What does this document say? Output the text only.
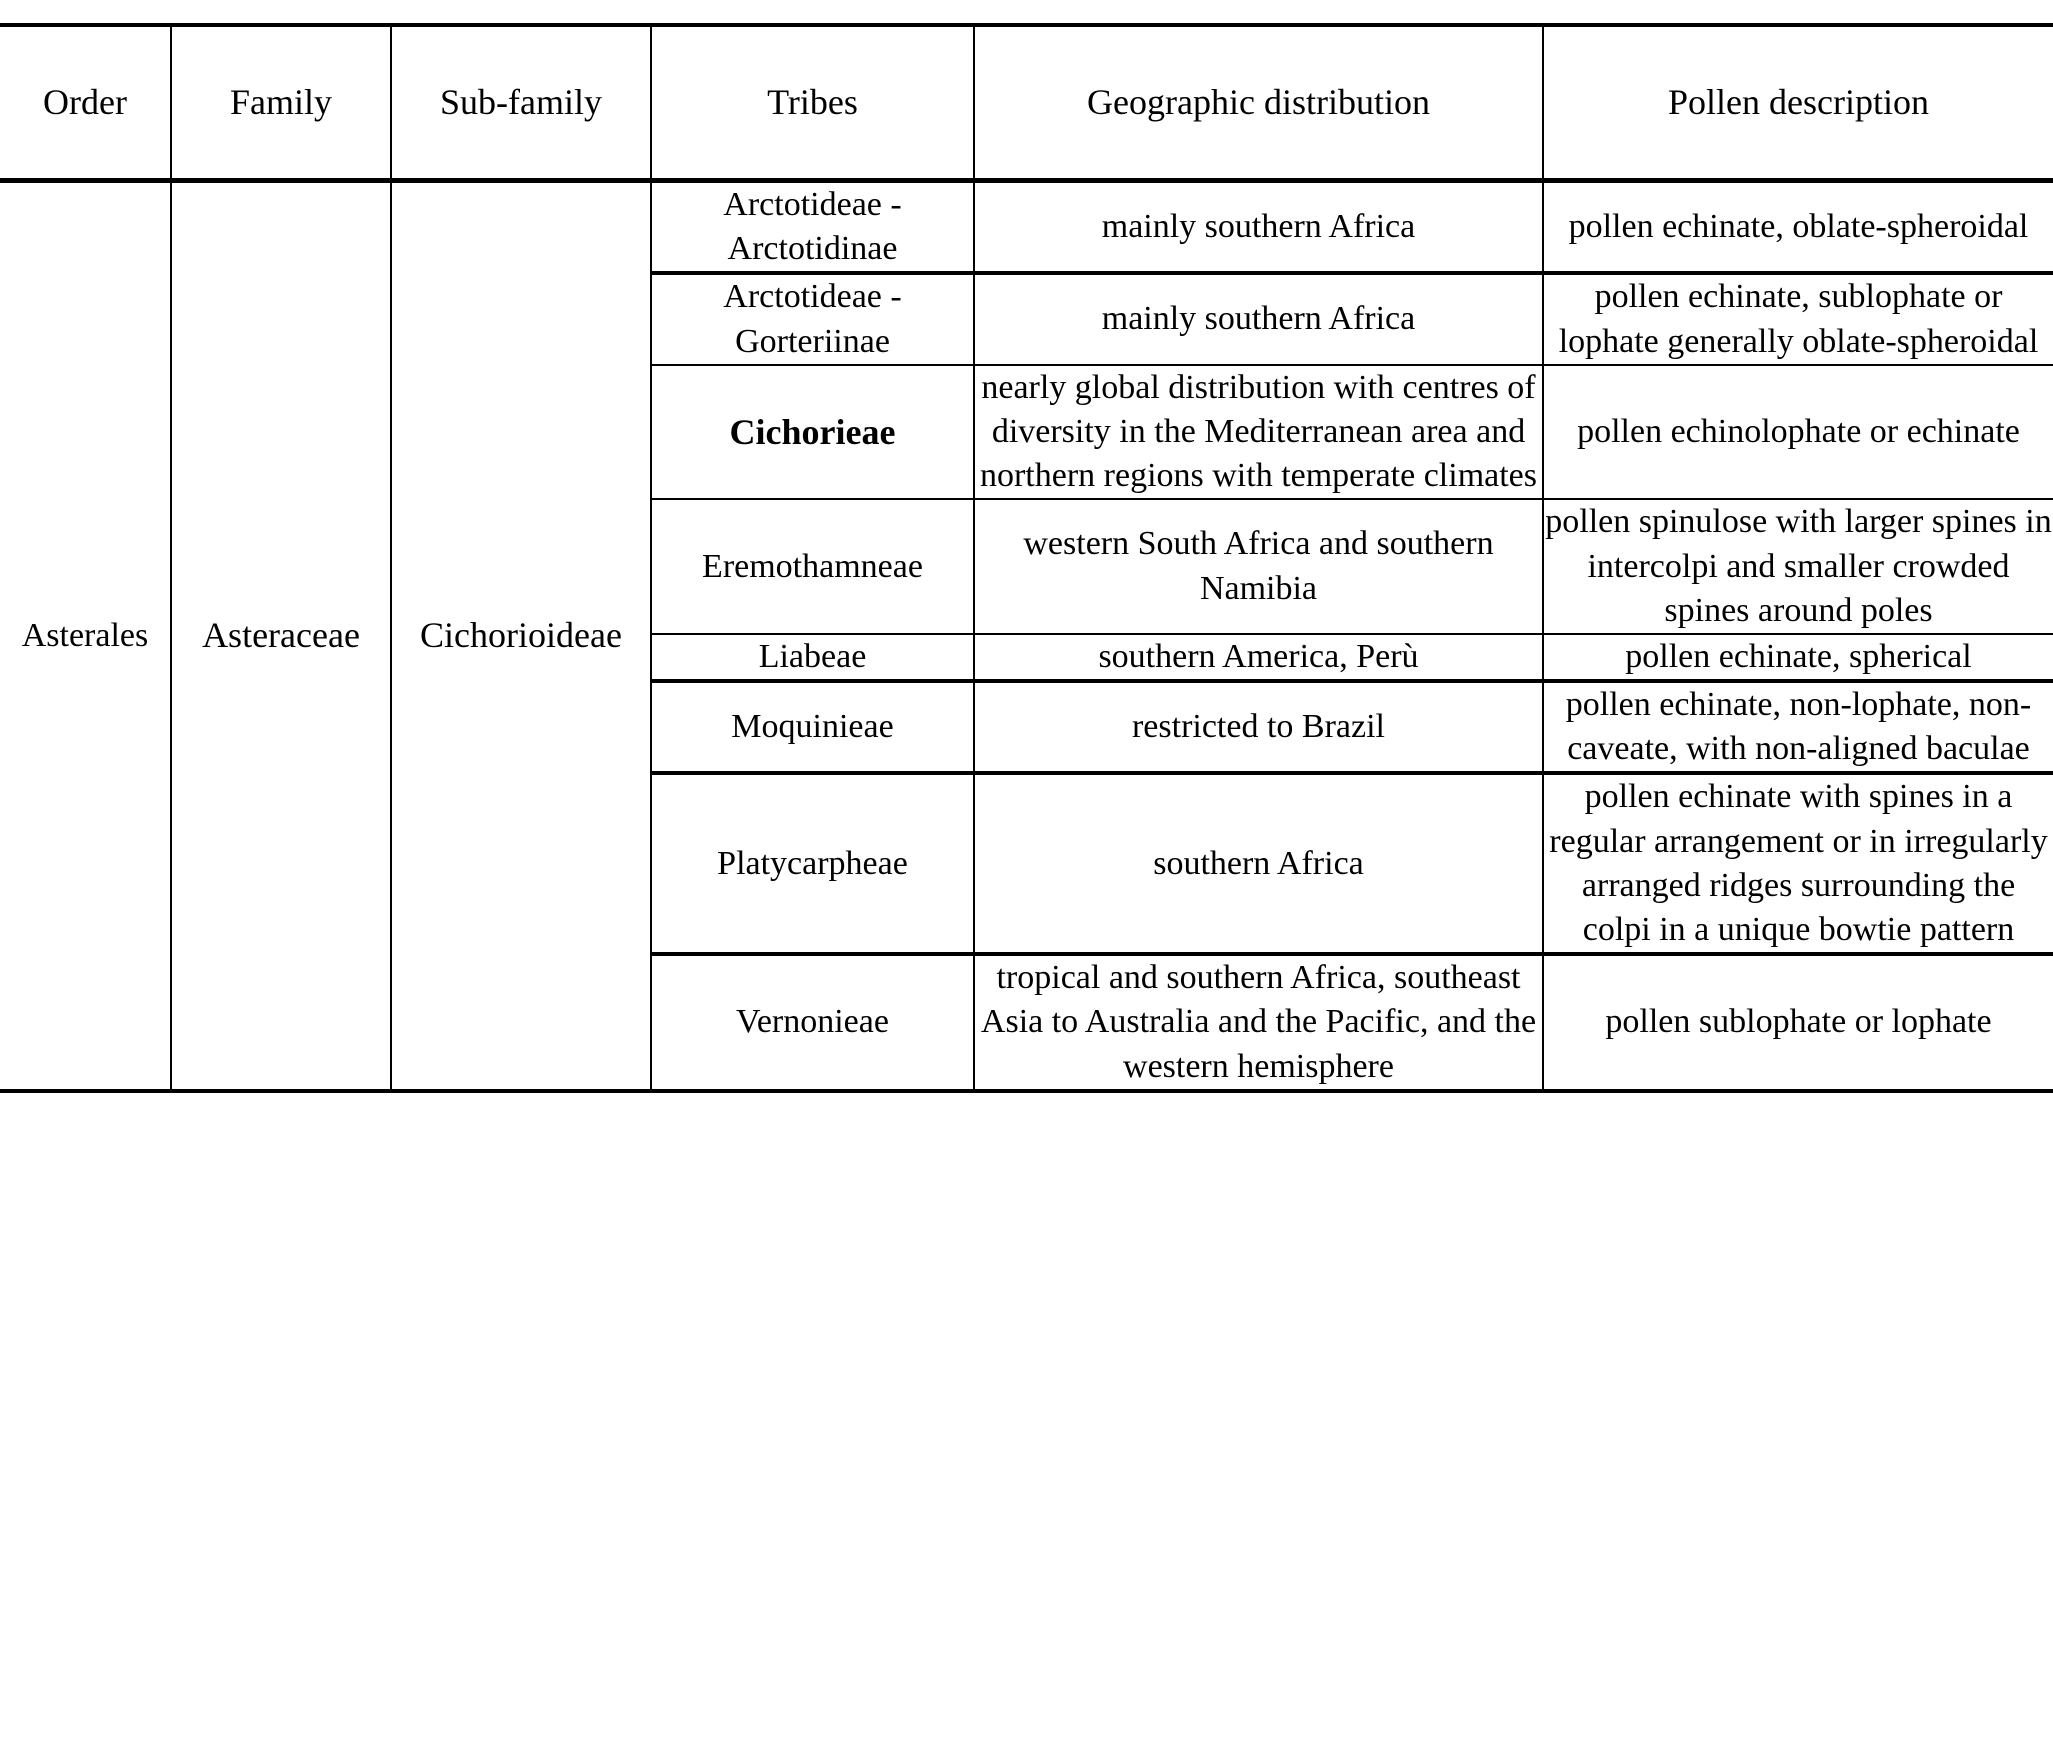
Order	Family	Sub-family	Tribes	Geographic distribution	Pollen description
Asterales	Asteraceae	Cichorioideae	Arctotideae - Arctotidinae	mainly southern Africa	pollen echinate, oblate-spheroidal
			Arctotideae - Gorteriinae	mainly southern Africa	pollen echinate, sublophate or lophate generally oblate-spheroidal
			Cichorieae	nearly global distribution with centres of diversity in the Mediterranean area and northern regions with temperate climates	pollen echinolophate or echinate
			Eremothamneae	western South Africa and southern Namibia	pollen spinulose with larger spines in intercolpi and smaller crowded spines around poles
			Liabeae	southern America, Perù	pollen echinate, spherical
			Moquinieae	restricted to Brazil	pollen echinate, non-lophate, non-caveate, with non-aligned baculae
			Platycarpheae	southern Africa	pollen echinate with spines in a regular arrangement or in irregularly arranged ridges surrounding the colpi in a unique bowtie pattern
			Vernonieae	tropical and southern Africa, southeast Asia to Australia and the Pacific, and the western hemisphere	pollen sublophate or lophate
